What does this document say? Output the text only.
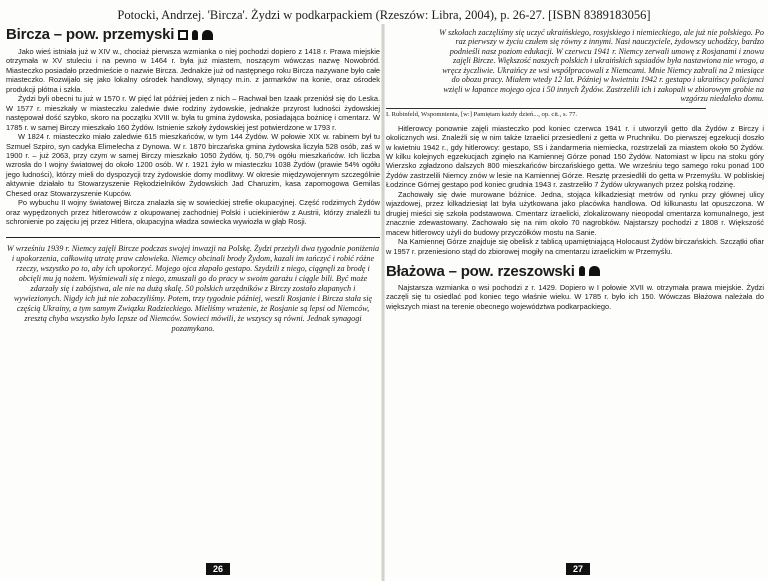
Potocki, Andrzej. 'Bircza'. Żydzi w podkarpackiem (Rzeszów: Libra, 2004), p. 26-27. [ISBN 8389183056]
Bircza – pow. przemyski

Jako wieś istniała już w XIV w., chociaż pierwsza wzmianka o niej pochodzi dopiero z 1418 r. Prawa miejskie otrzymała w XV stuleciu i na pewno w 1464 r. była już miastem, noszącym wówczas nazwę Nowobród. Miasteczko posiadało przedmieście o nazwie Bircza. Jednakże już od następnego roku Bircza nazywane było całe miasteczko. Rozwijało się jako lokalny ośrodek handlowy, słynący m.in. z jarmarków na konie, oraz ośrodek produkcji płótna i szkła.

Żydzi byli obecni tu już w 1570 r. W pięć lat później jeden z nich – Rachwał ben Izaak przeniósł się do Leska. W 1577 r. mieszkały w miasteczku zaledwie dwie rodziny żydowskie, jednakże przyrost ludności żydowskiej następował dość szybko, skoro na początku XVIII w. była tu gmina żydowska, posiadająca bożnicę i cmentarz. W 1785 r. w samej Birczy mieszkało 160 Żydów. Istnienie szkoły żydowskiej jest potwierdzone w 1793 r.

W 1824 r. miasteczko miało zaledwie 615 mieszkańców, w tym 144 Żydów. W połowie XIX w. rabinem był tu Szmuel Szpiro, syn cadyka Elimelecha z Dynowa. W r. 1870 birczańska gmina żydowska liczyła 528 osób, zaś w 1900 r. – już 2063, przy czym w samej Birczy mieszkało 1050 Żydów, tj. 50,7% ogółu mieszkańców. Ich liczba wzrosła do I wojny światowej do około 1200 osób. W r. 1921 żyło w miasteczku 1038 Żydów (prawie 54% ogółu jego ludności), którzy mieli do dyspozycji trzy żydowskie domy modlitwy. W okresie międzywojennym szczególnie aktywnie działało tu Stowarzyszenie Rękodzielników Żydowskich Jad Charuzim, kasa zapomogowa Gemilas Chesed oraz Stowarzyszenie Kupców.

Po wybuchu II wojny światowej Bircza znalazła się w sowieckiej strefie okupacyjnej. Część rodzimych Żydów oraz wypędzonych przez hitlerowców z okupowanej zachodniej Polski i uciekinierów z Austrii, którzy znaleźli tu schronienie po zajęciu jej przez Hitlera, okupacyjna władza sowiecka wywiozła w głąb Rosji.

W wrześniu 1939 r. Niemcy zajęli Bircze podczas swojej inwazji na Polskę. Żydzi przeżyli dwa tygodnie poniżenia i upokorzenia, całkowitą utratę praw człowieka. Niemcy obcinali brody Żydom, kazali im tańczyć i robić różne rzeczy, wszystko po to, aby ich upokorzyć. Mojego ojca złapało gestapo. Szydzili z niego, ciągnęli za brodę i obcięli mu ją nożem. Wyśmiewali się z niego, zmuszali go do pracy w swoim garażu i ciągle bili. Być może zdarzały się i zabójstwa, ale nie na dużą skalę. 50 polskich urzędników z Birczy zostało złapanych i wywiezionych. Nigdy ich już nie zobaczyliśmy. Potem, trzy tygodnie później, weszli Rosjanie i Bircza stała się częścią Ukrainy, a tym samym Związku Radzieckiego. Mieliśmy wrażenie, że Rosjanie są lepsi od Niemców, zresztą chyba wszystko było lepsze od Niemców. Sowieci mówili, że wszyscy są równi. Jednak synagogi pozamykano.
26
W szkołach zaczęliśmy się uczyć ukraińskiego, rosyjskiego i niemieckiego, ale już nie polskiego. Po raz pierwszy w życiu czułem się równy z innymi. Nasi nauczyciele, żydowscy uchodźcy, bardzo podnieśli nasz poziom edukacji. W czerwcu 1941 r. Niemcy zerwali umowę z Rosjanami i znowu zajęli Bircze. Większość naszych polskich i ukraińskich sąsiadów była nastawiona nie wrogo, a wręcz życzliwie. Ukraińcy ze wsi współpracowali z Niemcami. Mnie Niemcy zabrali na 2 miesiące do obozu pracy. Miałem wtedy 12 lat. Później w kwietniu 1942 r. gestapo i ukraińscy policjanci wzięli w łapance mojego ojca i 50 innych Żydów. Zastrzelili ich i zakopali w zbiorowym grobie na wzgórzu niedaleko domu.
I. Rubinfeld, Wspomnienia, [w:] Pamiętam każdy dzień..., op. cit., s. 77.

Hitlerowcy ponownie zajęli miasteczko pod koniec czerwca 1941 r. i utworzyli getto dla Żydów z Birczy i okolicznych wsi. Znaleźli się w nim także Izraelici przesiedleni z getta w Pruchniku. Do pierwszej egzekucji doszło w kwietniu 1942 r., gdy hitlerowcy: gestapo, SS i żandarmeria niemiecka, rozstrzelali za miastem około 50 Żydów. W kilku kolejnych egzekucjach zginęło na Kamiennej Górze ponad 150 Żydów. Natomiast w lipcu na stoku góry Wierzsko zgładzono dalszych 800 mieszkańców birczańskiego getta. We wrześniu tego samego roku ponad 100 Żydów zastrzelili Niemcy znów w lesie na Kamiennej Górze. Resztę przesiedlili do getta w Przemyślu. W pobliskiej Łodzince Górnej gestapo pod koniec grudnia 1943 r. zastrzeliło 7 Żydów ukrywanych przez polską rodzinę.

Zachowały się dwie murowane bóżnice. Jedna, stojąca kilkadziesiąt metrów od rynku przy głównej ulicy wjazdowej, przez kilkadziesiąt lat była użytkowana jako placówka handlowa. Od kilkunastu lat opuszczona. W drugiej mieści się szkoła podstawowa. Cmentarz izraelicki, zlokalizowany nieopodal cmentarza komunalnego, jest znacznie zdewastowany. Zachowało się na nim około 70 nagrobków. Najstarszy pochodzi z 1808 r. Większość macew hitlerowcy użyli do budowy przyczółków mostu na Sanie.

Na Kamiennej Górze znajduje się obelisk z tablicą upamiętniającą Holocaust Żydów birczańskich. Szczątki ofiar w 1957 r. przeniesiono stąd do zbiorowej mogiły na cmentarzu izraelickim w Przemyślu.

Błażowa – pow. rzeszowski

Najstarsza wzmianka o wsi pochodzi z r. 1429. Dopiero w I połowie XVII w. otrzymała prawa miejskie. Żydzi zaczęli się tu osiedlać pod koniec tego właśnie wieku. W 1785 r. było ich 150. Wówczas Błażowa należała do większych miast na terenie obecnego województwa podkarpackiego.

27
